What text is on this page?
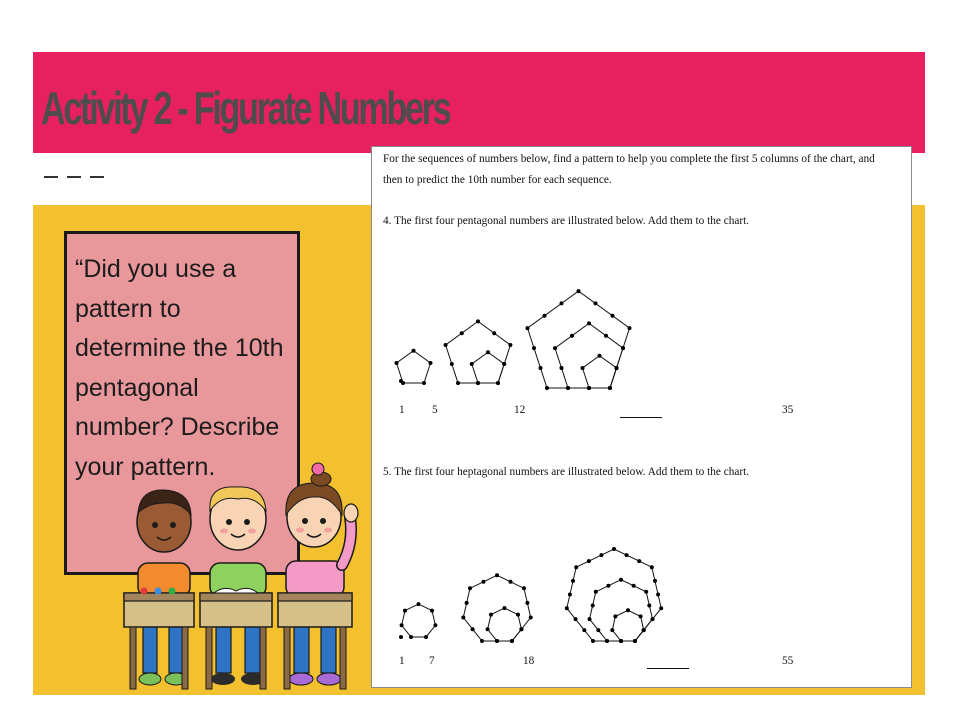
Activity 2 - Figurate Numbers

“Did you use a pattern to determine the 10th pentagonal number? Describe your pattern.

For the sequences of numbers below, find a pattern to help you complete the first 5 columns of the chart, and

then to predict the 10th number for each sequence.

4. The first four pentagonal numbers are illustrated below. Add them to the chart.

5. The first four heptagonal numbers are illustrated below. Add them to the chart.

1 5	12	35
1 7	18	55
